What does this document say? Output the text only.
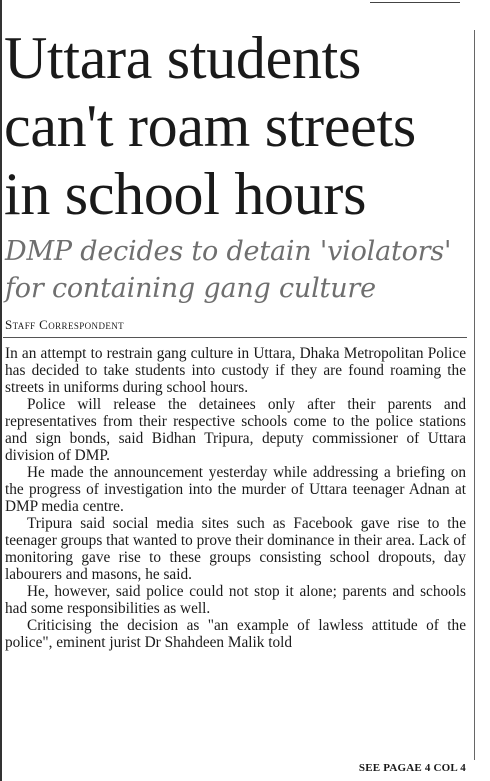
Uttara students can't roam streets in school hours
DMP decides to detain 'violators' for containing gang culture
Staff Correspondent

In an attempt to restrain gang culture in Uttara, Dhaka Metropolitan Police has decided to take students into custody if they are found roaming the streets in uniforms during school hours.

Police will release the detainees only after their parents and representatives from their respective schools come to the police stations and sign bonds, said Bidhan Tripura, deputy commissioner of Uttara division of DMP.

He made the announcement yesterday while addressing a briefing on the progress of investigation into the murder of Uttara teenager Adnan at DMP media centre.

Tripura said social media sites such as Facebook gave rise to the teenager groups that wanted to prove their dominance in their area. Lack of monitoring gave rise to these groups consisting school dropouts, day labourers and masons, he said.

He, however, said police could not stop it alone; parents and schools had some responsibilities as well.

Criticising the decision as "an example of lawless attitude of the police", eminent jurist Dr Shahdeen Malik told

SEE PAGAE 4 COL 4
